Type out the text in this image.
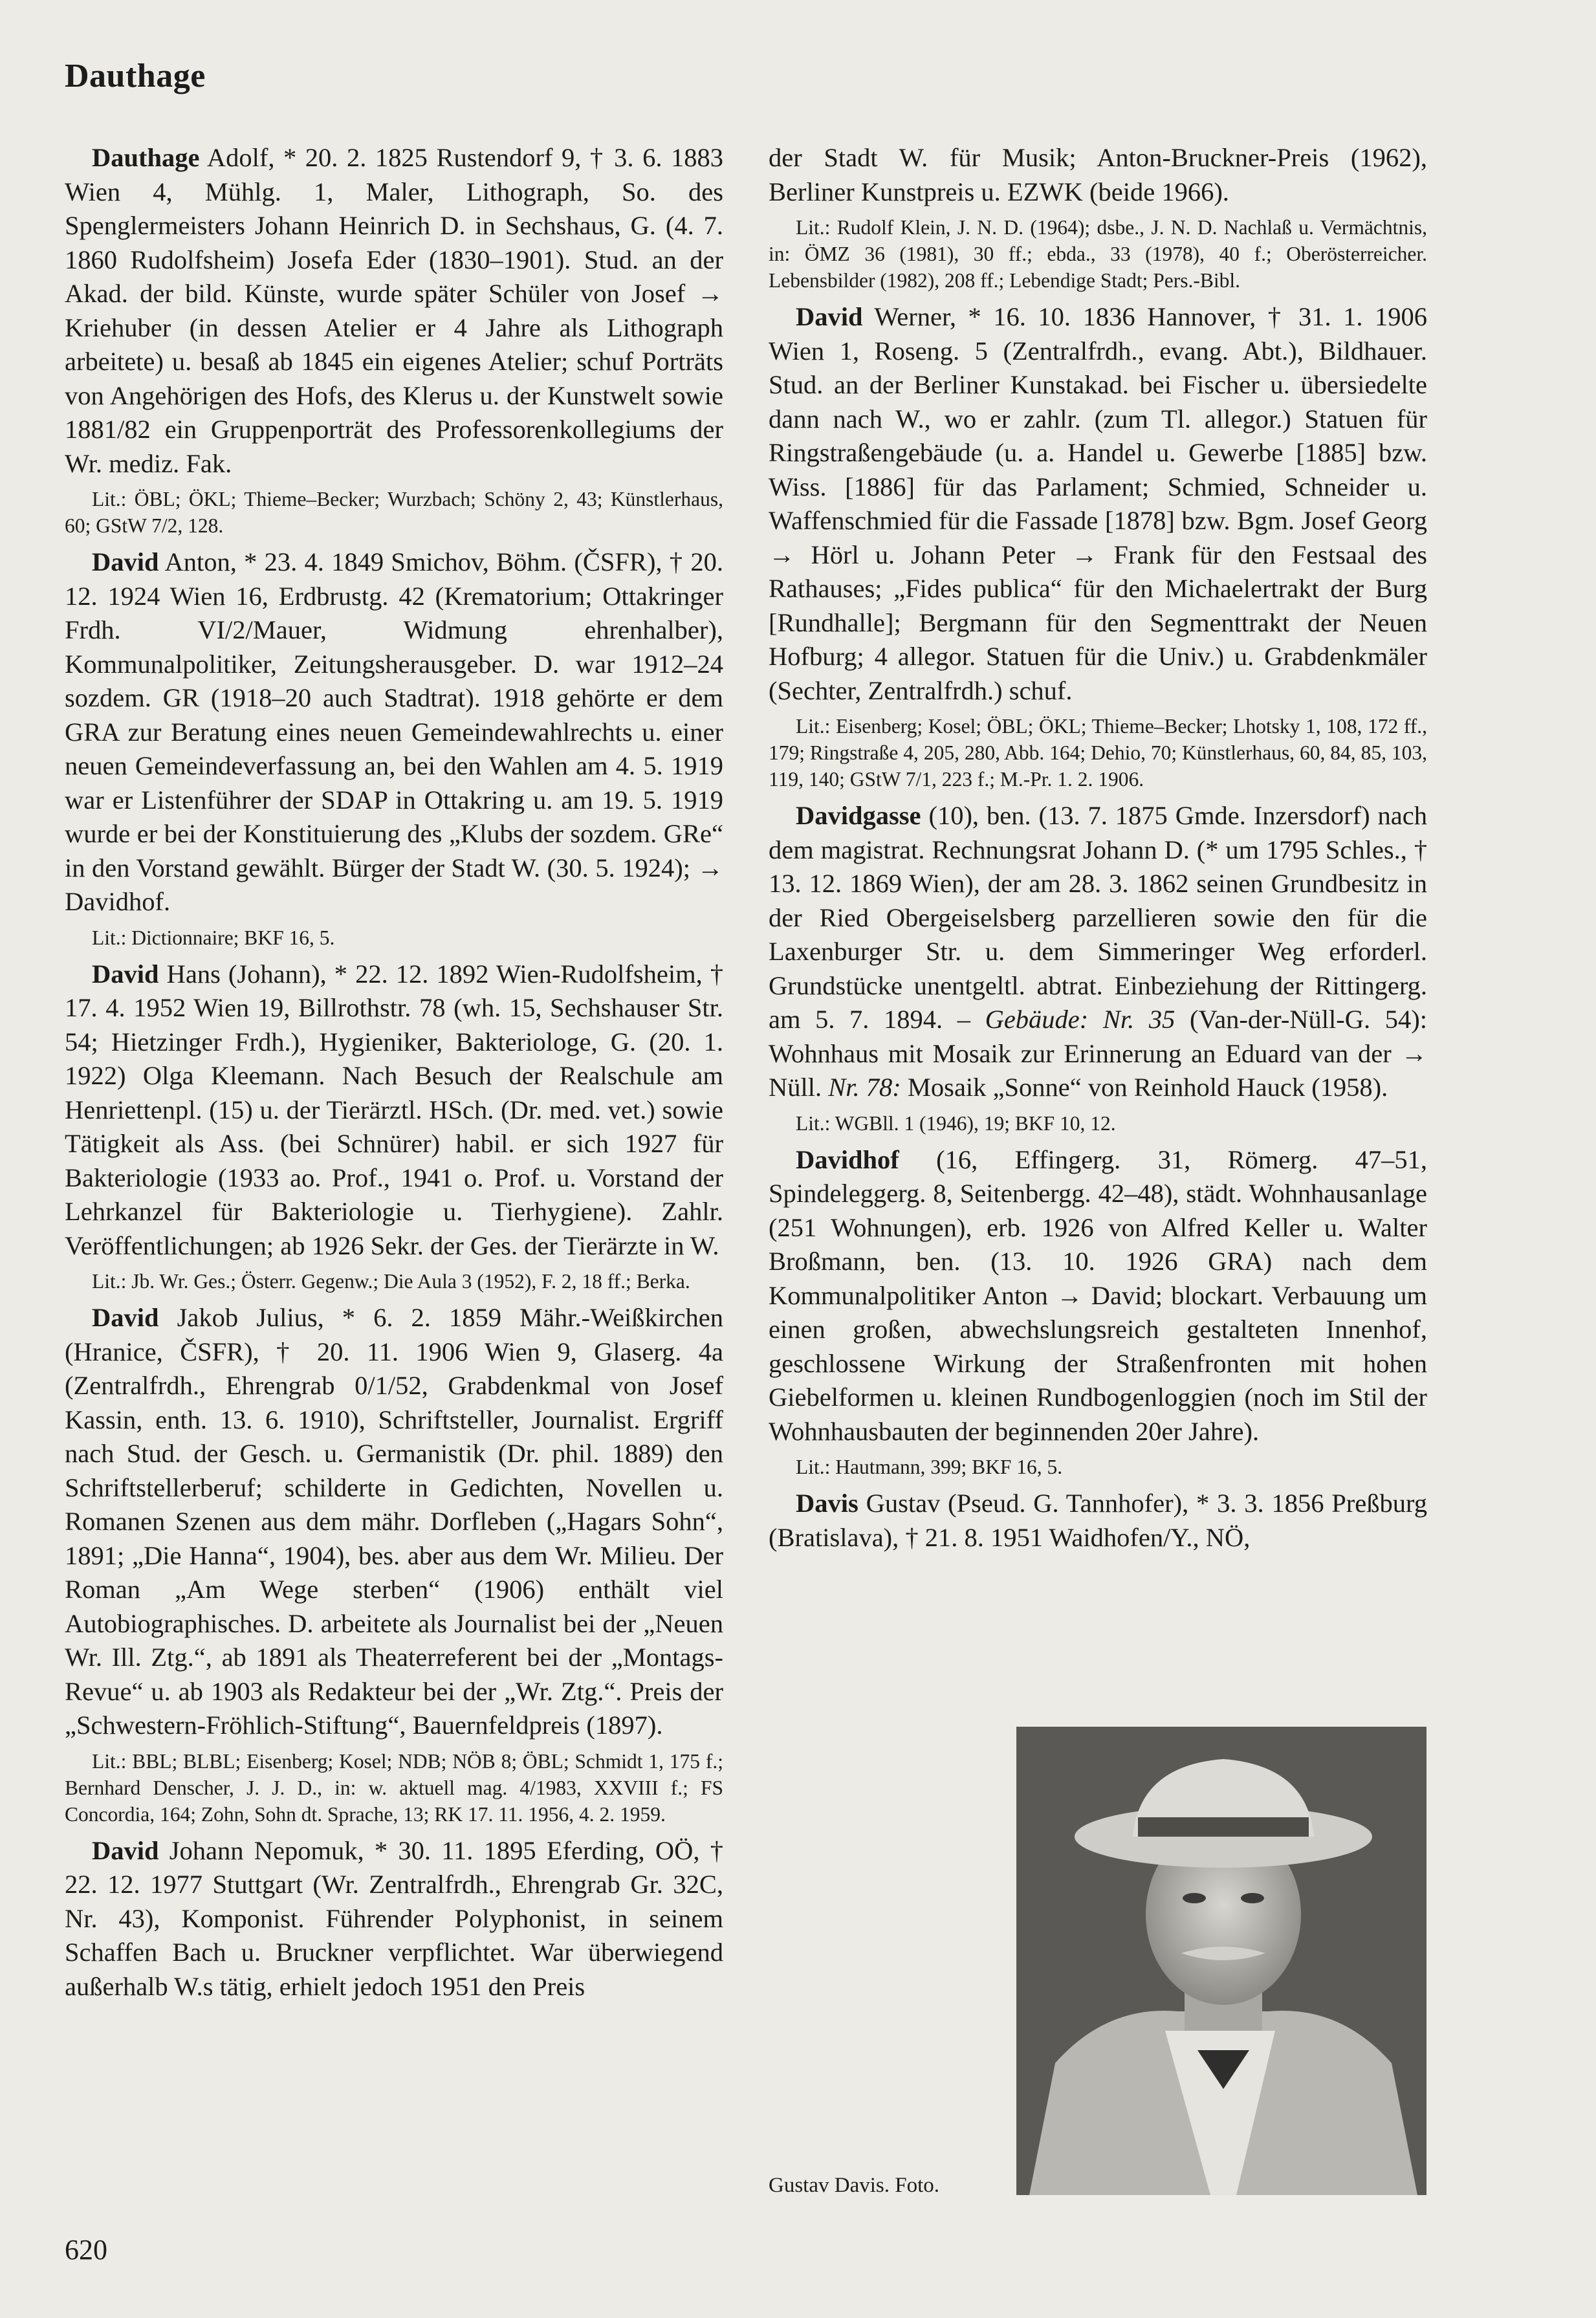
Dauthage

Dauthage Adolf, * 20. 2. 1825 Rustendorf 9, † 3. 6. 1883 Wien 4, Mühlg. 1, Maler, Lithograph, So. des Spenglermeisters Johann Heinrich D. in Sechshaus, G. (4. 7. 1860 Rudolfsheim) Josefa Eder (1830–1901). Stud. an der Akad. der bild. Künste, wurde später Schüler von Josef → Kriehuber (in dessen Atelier er 4 Jahre als Lithograph arbeitete) u. besaß ab 1845 ein eigenes Atelier; schuf Porträts von Angehörigen des Hofs, des Klerus u. der Kunstwelt sowie 1881/82 ein Gruppenporträt des Professorenkollegiums der Wr. mediz. Fak.

Lit.: ÖBL; ÖKL; Thieme–Becker; Wurzbach; Schöny 2, 43; Künstlerhaus, 60; GStW 7/2, 128.

David Anton, * 23. 4. 1849 Smichov, Böhm. (ČSFR), † 20. 12. 1924 Wien 16, Erdbrustg. 42 (Krematorium; Ottakringer Frdh. VI/2/Mauer, Widmung ehrenhalber), Kommunalpolitiker, Zeitungsherausgeber. D. war 1912–24 sozdem. GR (1918–20 auch Stadtrat). 1918 gehörte er dem GRA zur Beratung eines neuen Gemeindewahlrechts u. einer neuen Gemeindeverfassung an, bei den Wahlen am 4. 5. 1919 war er Listenführer der SDAP in Ottakring u. am 19. 5. 1919 wurde er bei der Konstituierung des „Klubs der sozdem. GRe“ in den Vorstand gewählt. Bürger der Stadt W. (30. 5. 1924); → Davidhof.

Lit.: Dictionnaire; BKF 16, 5.

David Hans (Johann), * 22. 12. 1892 Wien-Rudolfsheim, † 17. 4. 1952 Wien 19, Billrothstr. 78 (wh. 15, Sechshauser Str. 54; Hietzinger Frdh.), Hygieniker, Bakteriologe, G. (20. 1. 1922) Olga Kleemann. Nach Besuch der Realschule am Henriettenpl. (15) u. der Tierärztl. HSch. (Dr. med. vet.) sowie Tätigkeit als Ass. (bei Schnürer) habil. er sich 1927 für Bakteriologie (1933 ao. Prof., 1941 o. Prof. u. Vorstand der Lehrkanzel für Bakteriologie u. Tierhygiene). Zahlr. Veröffentlichungen; ab 1926 Sekr. der Ges. der Tierärzte in W.

Lit.: Jb. Wr. Ges.; Österr. Gegenw.; Die Aula 3 (1952), F. 2, 18 ff.; Berka.

David Jakob Julius, * 6. 2. 1859 Mähr.-Weißkirchen (Hranice, ČSFR), † 20. 11. 1906 Wien 9, Glaserg. 4a (Zentralfrdh., Ehrengrab 0/1/52, Grabdenkmal von Josef Kassin, enth. 13. 6. 1910), Schriftsteller, Journalist. Ergriff nach Stud. der Gesch. u. Germanistik (Dr. phil. 1889) den Schriftstellerberuf; schilderte in Gedichten, Novellen u. Romanen Szenen aus dem mähr. Dorfleben („Hagars Sohn“, 1891; „Die Hanna“, 1904), bes. aber aus dem Wr. Milieu. Der Roman „Am Wege sterben“ (1906) enthält viel Autobiographisches. D. arbeitete als Journalist bei der „Neuen Wr. Ill. Ztg.“, ab 1891 als Theaterreferent bei der „Montags-Revue“ u. ab 1903 als Redakteur bei der „Wr. Ztg.“. Preis der „Schwestern-Fröhlich-Stiftung“, Bauernfeldpreis (1897).

Lit.: BBL; BLBL; Eisenberg; Kosel; NDB; NÖB 8; ÖBL; Schmidt 1, 175 f.; Bernhard Denscher, J. J. D., in: w. aktuell mag. 4/1983, XXVIII f.; FS Concordia, 164; Zohn, Sohn dt. Sprache, 13; RK 17. 11. 1956, 4. 2. 1959.

David Johann Nepomuk, * 30. 11. 1895 Eferding, OÖ, † 22. 12. 1977 Stuttgart (Wr. Zentralfrdh., Ehrengrab Gr. 32C, Nr. 43), Komponist. Führender Polyphonist, in seinem Schaffen Bach u. Bruckner verpflichtet. War überwiegend außerhalb W.s tätig, erhielt jedoch 1951 den Preis

der Stadt W. für Musik; Anton-Bruckner-Preis (1962), Berliner Kunstpreis u. EZWK (beide 1966).

Lit.: Rudolf Klein, J. N. D. (1964); dsbe., J. N. D. Nachlaß u. Vermächtnis, in: ÖMZ 36 (1981), 30 ff.; ebda., 33 (1978), 40 f.; Oberösterreicher. Lebensbilder (1982), 208 ff.; Lebendige Stadt; Pers.-Bibl.

David Werner, * 16. 10. 1836 Hannover, † 31. 1. 1906 Wien 1, Roseng. 5 (Zentralfrdh., evang. Abt.), Bildhauer. Stud. an der Berliner Kunstakad. bei Fischer u. übersiedelte dann nach W., wo er zahlr. (zum Tl. allegor.) Statuen für Ringstraßengebäude (u. a. Handel u. Gewerbe [1885] bzw. Wiss. [1886] für das Parlament; Schmied, Schneider u. Waffenschmied für die Fassade [1878] bzw. Bgm. Josef Georg → Hörl u. Johann Peter → Frank für den Festsaal des Rathauses; „Fides publica“ für den Michaelertrakt der Burg [Rundhalle]; Bergmann für den Segmenttrakt der Neuen Hofburg; 4 allegor. Statuen für die Univ.) u. Grabdenkmäler (Sechter, Zentralfrdh.) schuf.

Lit.: Eisenberg; Kosel; ÖBL; ÖKL; Thieme–Becker; Lhotsky 1, 108, 172 ff., 179; Ringstraße 4, 205, 280, Abb. 164; Dehio, 70; Künstlerhaus, 60, 84, 85, 103, 119, 140; GStW 7/1, 223 f.; M.-Pr. 1. 2. 1906.

Davidgasse (10), ben. (13. 7. 1875 Gmde. Inzersdorf) nach dem magistrat. Rechnungsrat Johann D. (* um 1795 Schles., † 13. 12. 1869 Wien), der am 28. 3. 1862 seinen Grundbesitz in der Ried Obergeiselsberg parzellieren sowie den für die Laxenburger Str. u. dem Simmeringer Weg erforderl. Grundstücke unentgeltl. abtrat. Einbeziehung der Rittingerg. am 5. 7. 1894. – Gebäude: Nr. 35 (Van-der-Nüll-G. 54): Wohnhaus mit Mosaik zur Erinnerung an Eduard van der → Nüll. Nr. 78: Mosaik „Sonne“ von Reinhold Hauck (1958).

Lit.: WGBll. 1 (1946), 19; BKF 10, 12.

Davidhof (16, Effingerg. 31, Römerg. 47–51, Spindeleggerg. 8, Seitenbergg. 42–48), städt. Wohnhausanlage (251 Wohnungen), erb. 1926 von Alfred Keller u. Walter Broßmann, ben. (13. 10. 1926 GRA) nach dem Kommunalpolitiker Anton → David; blockart. Verbauung um einen großen, abwechslungsreich gestalteten Innenhof, geschlossene Wirkung der Straßenfronten mit hohen Giebelformen u. kleinen Rundbogenloggien (noch im Stil der Wohnhausbauten der beginnenden 20er Jahre).

Lit.: Hautmann, 399; BKF 16, 5.

Davis Gustav (Pseud. G. Tannhofer), * 3. 3. 1856 Preßburg (Bratislava), † 21. 8. 1951 Waidhofen/Y., NÖ,

Gustav Davis. Foto.
620
